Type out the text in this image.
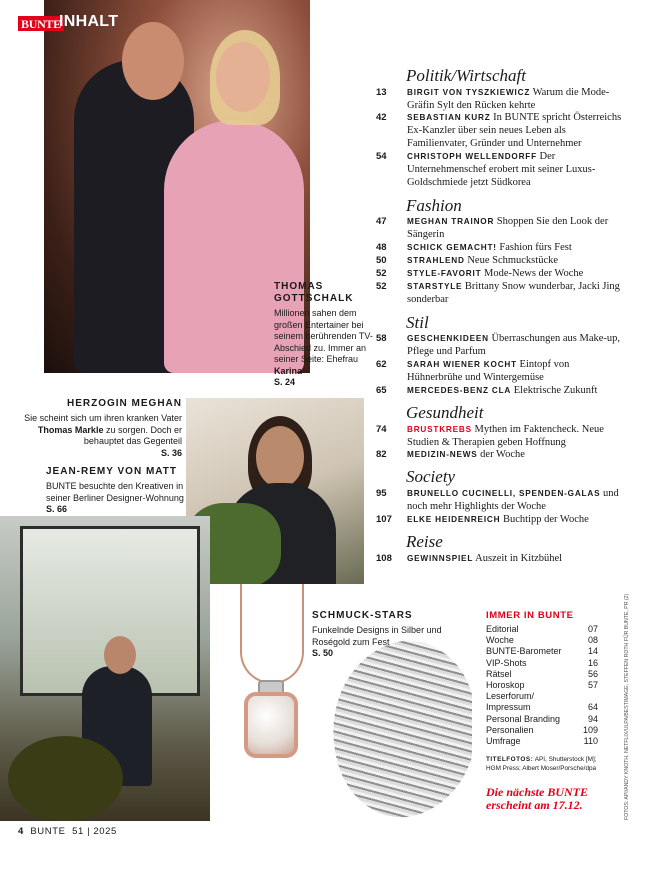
BUNTE
INHALT
THOMAS GOTTSCHALK
Millionen sahen dem großen Entertainer bei seinem berührenden TV-Abschied zu. Immer an seiner Seite: Ehefrau Karina
S. 24
HERZOGIN MEGHAN
Sie scheint sich um ihren kranken Vater Thomas Markle zu sorgen. Doch er behauptet das Gegenteil
S. 36
JEAN-REMY VON MATT
BUNTE besuchte den Kreativen in seiner Berliner Designer-Wohnung
S. 66
SCHMUCK-STARS
Funkelnde Designs in Silber und Roségold zum Fest
S. 50
Politik/Wirtschaft
13	BIRGIT VON TYSZKIEWICZ Warum die Mode-Gräfin Sylt den Rücken kehrte
42	SEBASTIAN KURZ In BUNTE spricht Österreichs Ex-Kanzler über sein neues Leben als Familienvater, Gründer und Unternehmer
54	CHRISTOPH WELLENDORFF Der Unternehmenschef erobert mit seiner Luxus-Goldschmiede jetzt Südkorea
Fashion
47	MEGHAN TRAINOR Shoppen Sie den Look der Sängerin
48	SCHICK GEMACHT! Fashion fürs Fest
50	STRAHLEND Neue Schmuckstücke
52	STYLE-FAVORIT Mode-News der Woche
52	STARSTYLE Brittany Snow wunderbar, Jacki Jing sonderbar
Stil
58	GESCHENKIDEEN Überraschungen aus Make-up, Pflege und Parfum
62	SARAH WIENER KOCHT Eintopf von Hühnerbrühe und Wintergemüse
65	MERCEDES-BENZ CLA Elektrische Zukunft
Gesundheit
74	BRUSTKREBS Mythen im Faktencheck. Neue Studien & Therapien geben Hoffnung
82	MEDIZIN-NEWS der Woche
Society
95	BRUNELLO CUCINELLI, SPENDEN-GALAS und noch mehr Highlights der Woche
107	ELKE HEIDENREICH Buchtipp der Woche
Reise
108	GEWINNSPIEL Auszeit in Kitzbühel
IMMER IN BUNTE
Editorial	07
Woche	08
BUNTE-Barometer	14
VIP-Shots	16
Rätsel	56
Horoskop	57
Leserforum/
Impressum	64
Personal Branding	94
Personalien	109
Umfrage	110
TITELFOTOS: API, Shutterstock [M]; HGM Press; Albert Moser/Porsche/dpa
Die nächste BUNTE erscheint am 17.12.	FOTOS: API/ANDY KNOTH, NETFLIX/ULPA/BESTIMAGE, STEFFEN ROTH FÜR BUNTE, PR (2)
4 BUNTE 51 | 2025
